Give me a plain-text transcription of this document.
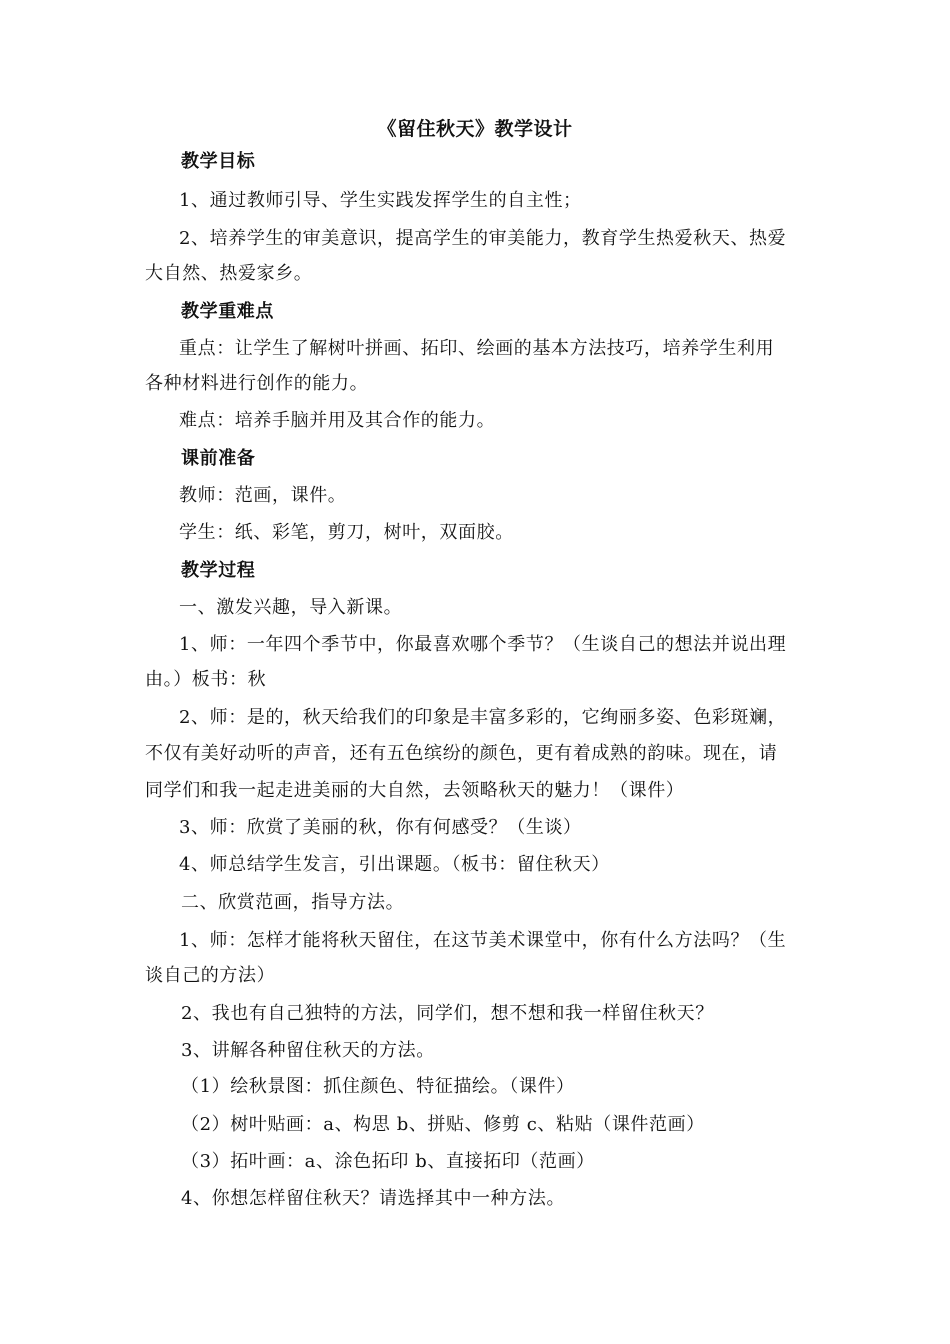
《留住秋天》教学设计
教学目标
1、通过教师引导、学生实践发挥学生的自主性；
2、培养学生的审美意识，提高学生的审美能力，教育学生热爱秋天、热爱
大自然、热爱家乡。
教学重难点
重点：让学生了解树叶拼画、拓印、绘画的基本方法技巧，培养学生利用
各种材料进行创作的能力。
难点：培养手脑并用及其合作的能力。
课前准备
教师：范画，课件。
学生：纸、彩笔，剪刀，树叶，双面胶。
教学过程
一、激发兴趣，导入新课。
1、师：一年四个季节中，你最喜欢哪个季节？（生谈自己的想法并说出理
由。）板书：秋
2、师：是的，秋天给我们的印象是丰富多彩的，它绚丽多姿、色彩斑斓，
不仅有美好动听的声音，还有五色缤纷的颜色，更有着成熟的韵味。现在，请
同学们和我一起走进美丽的大自然，去领略秋天的魅力！（课件）
3、师：欣赏了美丽的秋，你有何感受？（生谈）
4、师总结学生发言，引出课题。（板书：留住秋天）
二、欣赏范画，指导方法。
1、师：怎样才能将秋天留住，在这节美术课堂中，你有什么方法吗？（生
谈自己的方法）
2、我也有自己独特的方法，同学们，想不想和我一样留住秋天？
3、讲解各种留住秋天的方法。
（1）绘秋景图：抓住颜色、特征描绘。（课件）
（2）树叶贴画：a、构思 b、拼贴、修剪 c、粘贴（课件范画）
（3）拓叶画：a、涂色拓印 b、直接拓印（范画）
4、你想怎样留住秋天？请选择其中一种方法。
